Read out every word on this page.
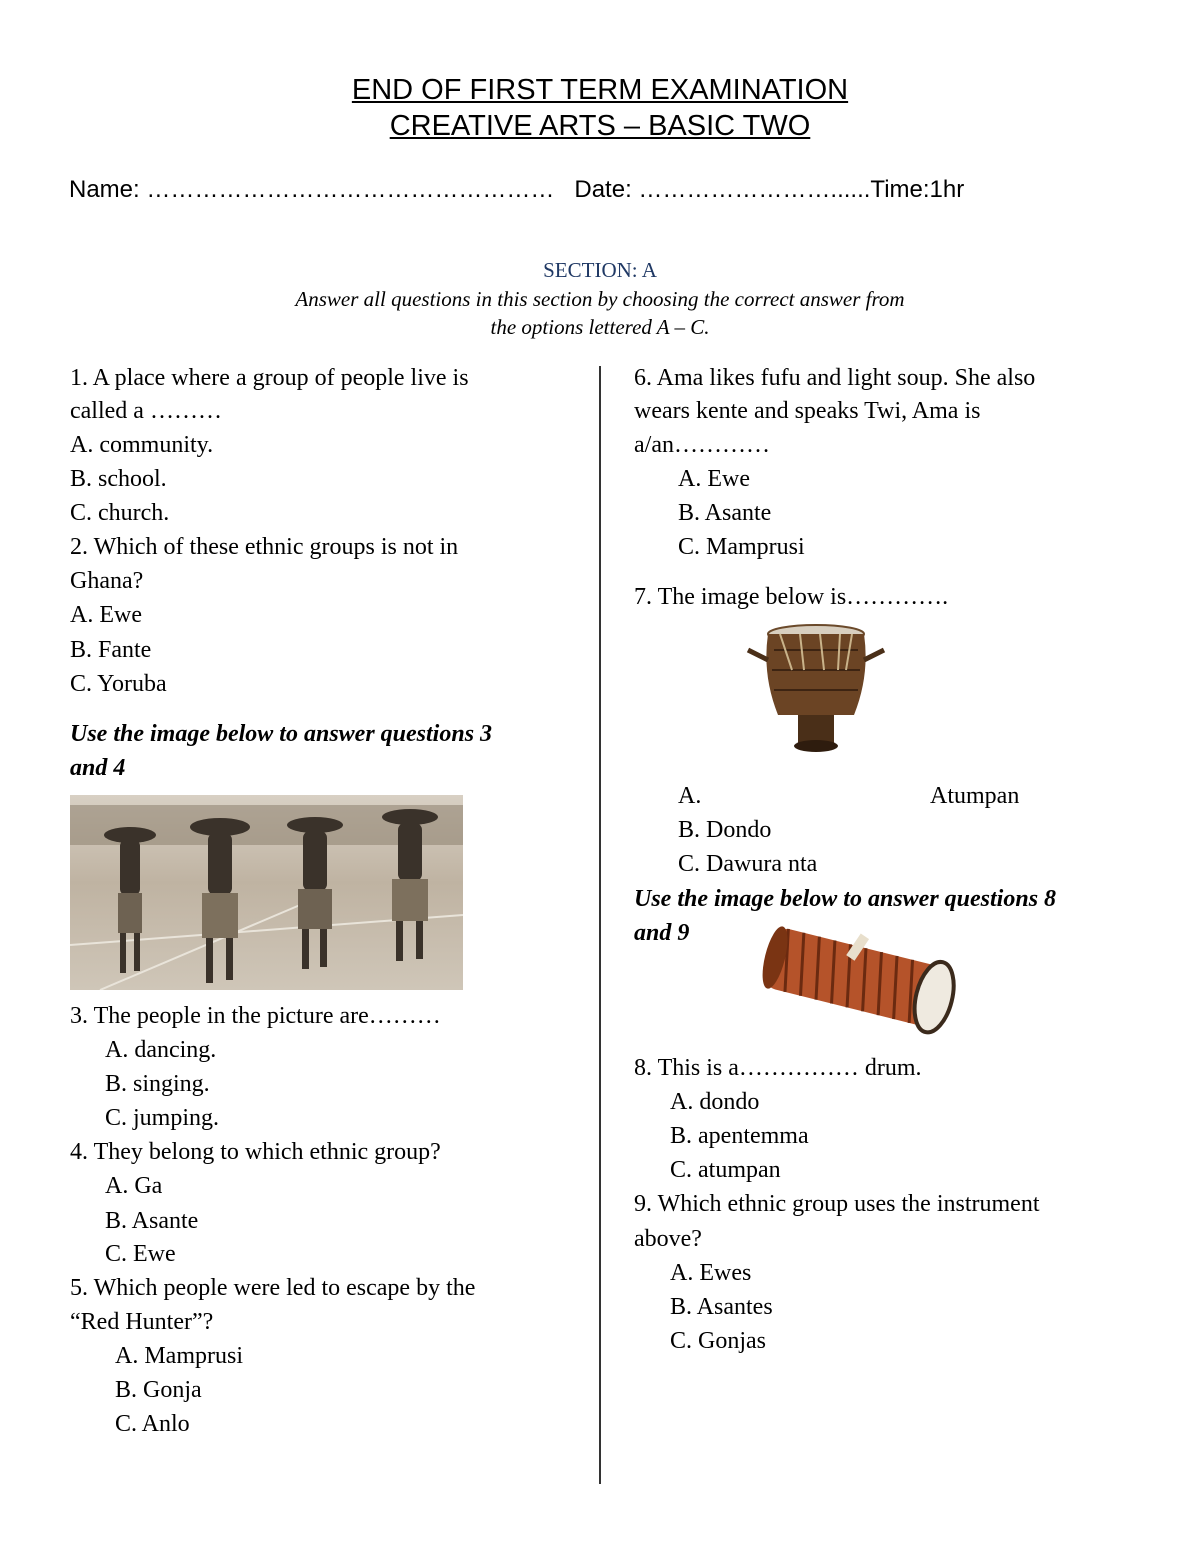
END OF FIRST TERM EXAMINATION
CREATIVE ARTS – BASIC TWO
Name: …………………………………………… Date: ……………………......Time:1hr
SECTION: A
Answer all questions in this section by choosing the correct answer from
the options lettered A – C.
1. A place where a group of people live is
called a ………
A. community.
B. school.
C. church.
2. Which of these ethnic groups is not in
Ghana?
A. Ewe
B. Fante
C. Yoruba
Use the image below to answer questions 3
and 4
3. The people in the picture are………
A. dancing.
B. singing.
C. jumping.
4. They belong to which ethnic group?
A. Ga
B. Asante
C. Ewe
5. Which people were led to escape by the
“Red Hunter”?
A. Mamprusi
B. Gonja
C. Anlo
6. Ama likes fufu and light soup. She also
wears kente and speaks Twi, Ama is
a/an…………
A. Ewe
B. Asante
C. Mamprusi
7. The image below is………….
A.	Atumpan
B. Dondo
C. Dawura nta
Use the image below to answer questions 8
and 9
8. This is a…………… drum.
A. dondo
B. apentemma
C. atumpan
9. Which ethnic group uses the instrument
above?
A. Ewes
B. Asantes
C. Gonjas
